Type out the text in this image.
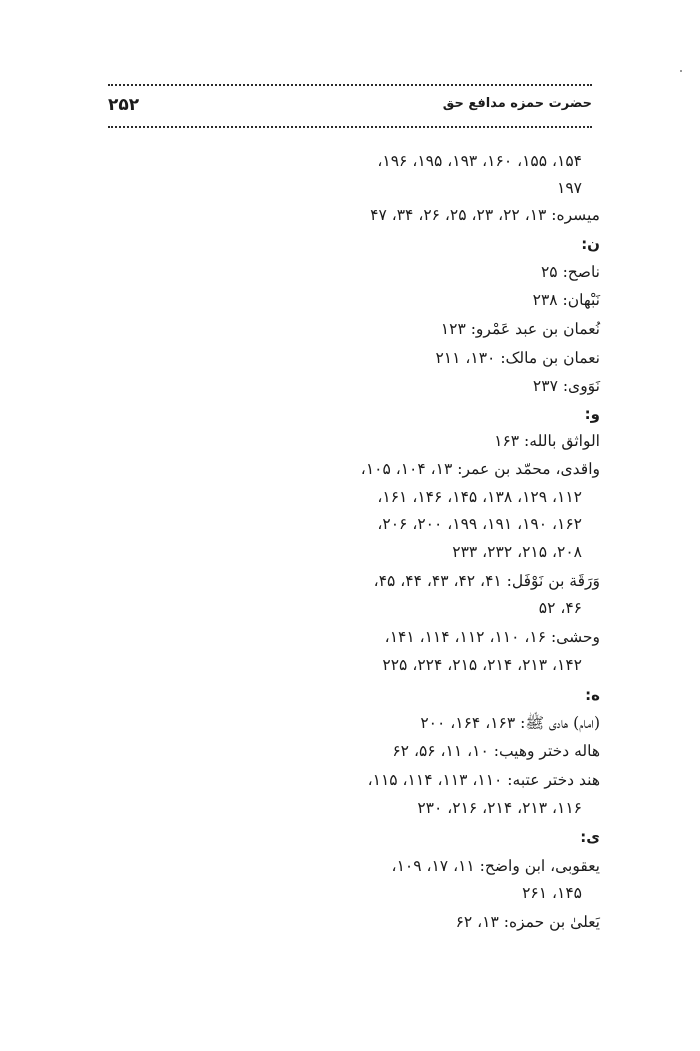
۲۵۲	حضرت حمزه مدافع حق
۱۵۴، ۱۵۵، ۱۶۰، ۱۹۳، ۱۹۵، ۱۹۶،
۱۹۷
میسره: ۱۳، ۲۲، ۲۳، ۲۵، ۲۶، ۳۴، ۴۷
ن:
ناصح: ۲۵
نَبْهان: ۲۳۸
نُعمان بن عبد عَمْرو: ۱۲۳
نعمان بن مالک: ۱۳۰، ۲۱۱
نَوَوی: ۲۳۷
و:
الواثق بالله: ۱۶۳
واقدی، محمّد بن عمر: ۱۳، ۱۰۴، ۱۰۵،
۱۱۲، ۱۲۹، ۱۳۸، ۱۴۵، ۱۴۶، ۱۶۱،
۱۶۲، ۱۹۰، ۱۹۱، ۱۹۹، ۲۰۰، ۲۰۶،
۲۰۸، ۲۱۵، ۲۳۲، ۲۳۳
وَرَقَة بن نَوْفَل: ۴۱، ۴۲، ۴۳، ۴۴، ۴۵،
۴۶، ۵۲
وحشی: ۱۶، ۱۱۰، ۱۱۲، ۱۱۴، ۱۴۱،
۱۴۲، ۲۱۳، ۲۱۴، ۲۱۵، ۲۲۴، ۲۲۵
ه:
(امام) هادی ﷺ: ۱۶۳، ۱۶۴، ۲۰۰
هاله دختر وهیب: ۱۰، ۱۱، ۵۶، ۶۲
هند دختر عتبه: ۱۱۰، ۱۱۳، ۱۱۴، ۱۱۵،
۱۱۶، ۲۱۳، ۲۱۴، ۲۱۶، ۲۳۰
ی:
یعقوبی، ابن واضح: ۱۱، ۱۷، ۱۰۹،
۱۴۵، ۲۶۱
یَعلیٰ بن حمزه: ۱۳، ۶۲
